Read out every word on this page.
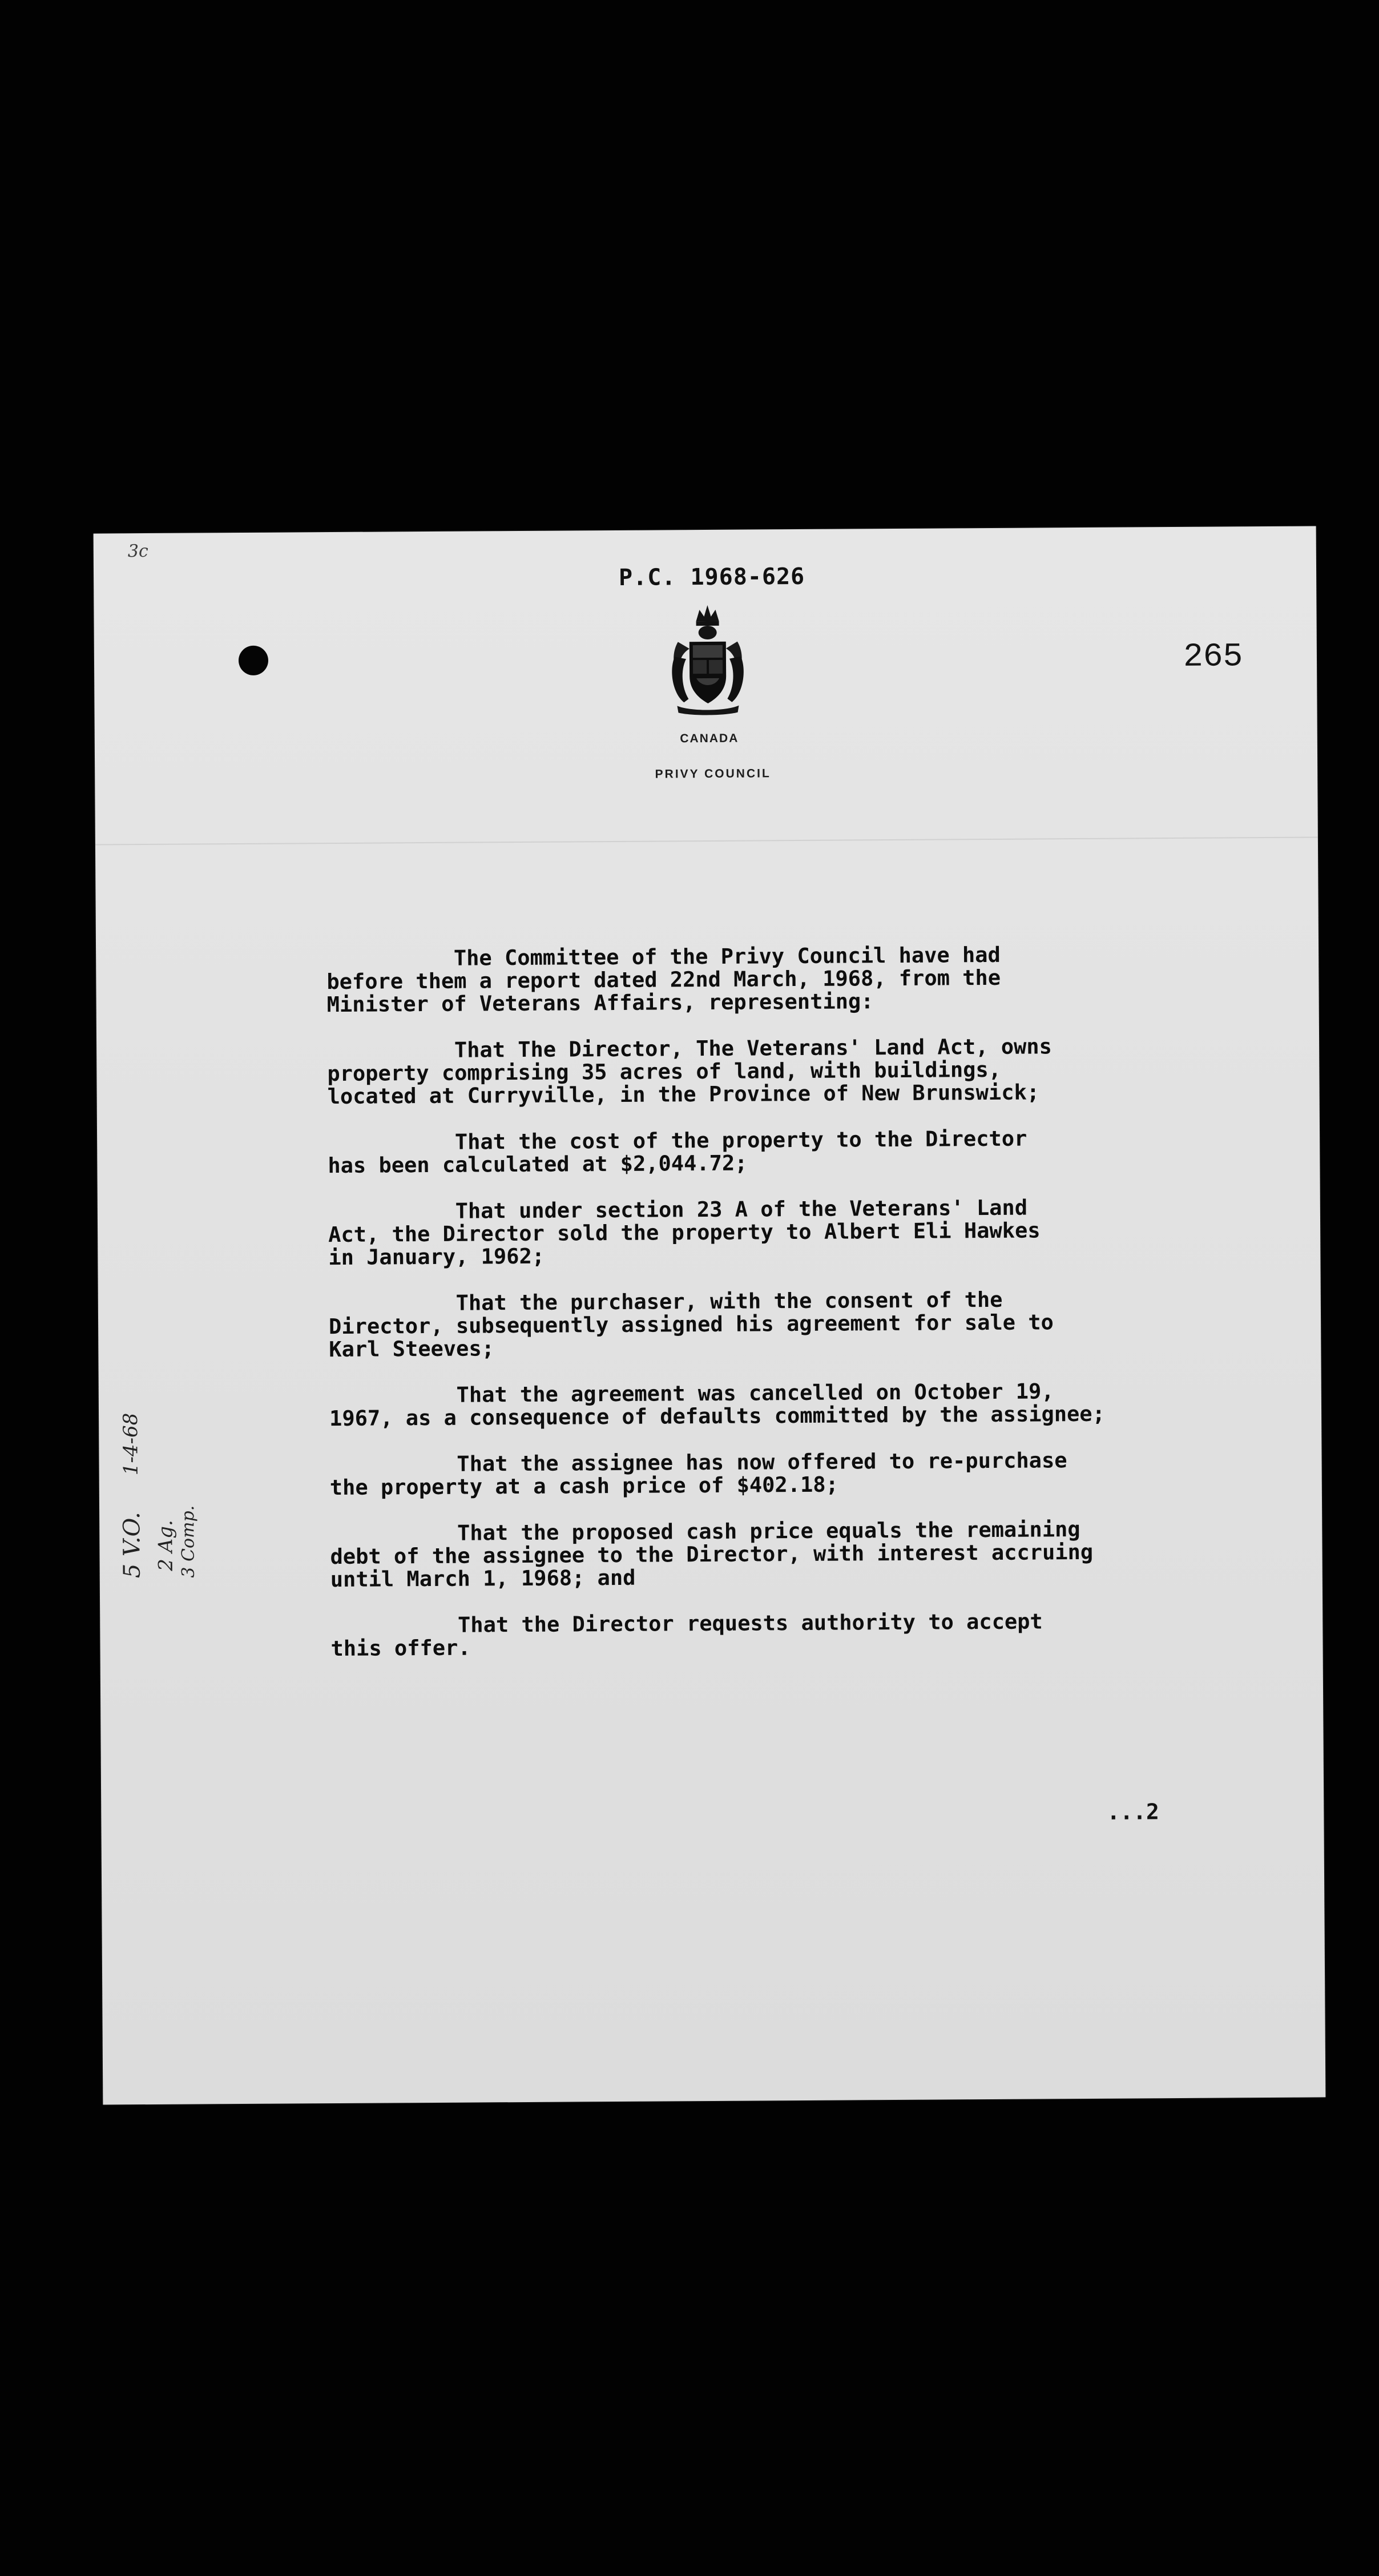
3c
P.C. 1968-626
265
CANADA
PRIVY COUNCIL
5 V.O. 2 Ag. 3 Comp.
1-4-68

The Committee of the Privy Council have had
before them a report dated 22nd March, 1968, from the
Minister of Veterans Affairs, representing:

That The Director, The Veterans' Land Act, owns
property comprising 35 acres of land, with buildings,
located at Curryville, in the Province of New Brunswick;

That the cost of the property to the Director
has been calculated at $2,044.72;

That under section 23 A of the Veterans' Land
Act, the Director sold the property to Albert Eli Hawkes
in January, 1962;

That the purchaser, with the consent of the
Director, subsequently assigned his agreement for sale to
Karl Steeves;

That the agreement was cancelled on October 19,
1967, as a consequence of defaults committed by the assignee;

That the assignee has now offered to re-purchase
the property at a cash price of $402.18;

That the proposed cash price equals the remaining
debt of the assignee to the Director, with interest accruing
until March 1, 1968; and

That the Director requests authority to accept
this offer.

...2
